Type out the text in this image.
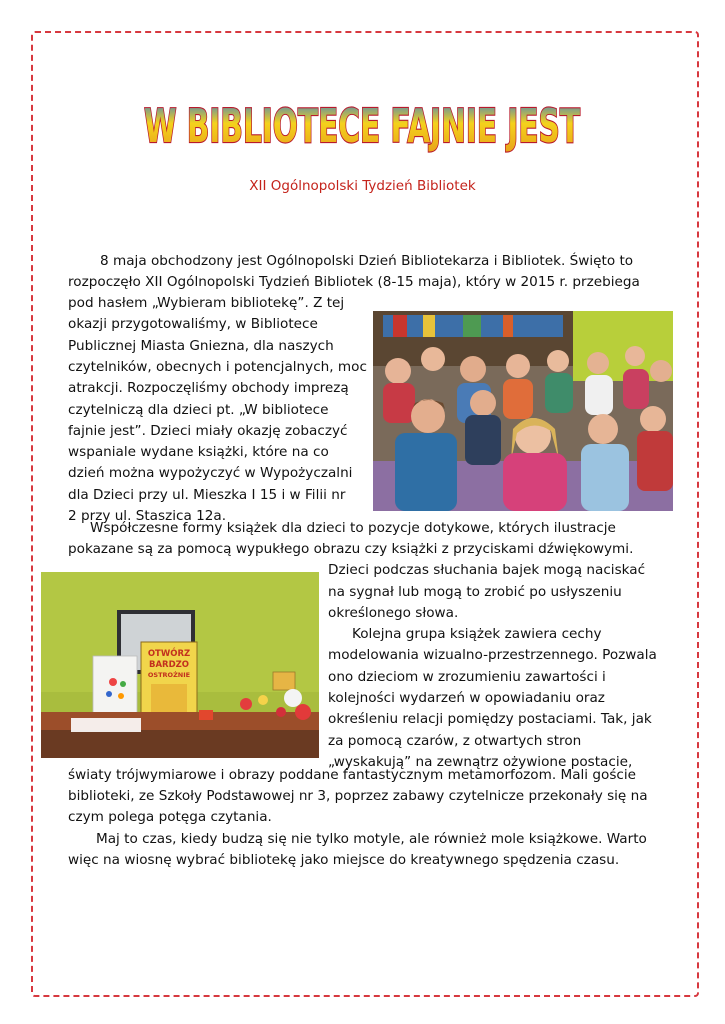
W BIBLIOTECE FAJNIE JEST
XII Ogólnopolski Tydzień Bibliotek
8 maja obchodzony jest Ogólnopolski Dzień Bibliotekarza i Bibliotek. Święto to
rozpoczęło XII Ogólnopolski Tydzień Bibliotek (8-15 maja), który w 2015 r. przebiega
pod hasłem „Wybieram bibliotekę”. Z tej
okazji przygotowaliśmy, w Bibliotece
Publicznej Miasta Gniezna, dla naszych
czytelników, obecnych i potencjalnych, moc
atrakcji. Rozpoczęliśmy obchody imprezą
czytelniczą dla dzieci pt. „W bibliotece
fajnie jest”. Dzieci miały okazję zobaczyć
wspaniale wydane książki, które na co
dzień można wypożyczyć w Wypożyczalni
dla Dzieci przy ul. Mieszka I 15 i w Filii nr
2 przy ul. Staszica 12a.
Współczesne formy książek dla dzieci to pozycje dotykowe, których ilustracje
pokazane są za pomocą wypukłego obrazu czy książki z przyciskami dźwiękowymi.
Dzieci podczas słuchania bajek mogą naciskać
na sygnał lub mogą to zrobić po usłyszeniu
określonego słowa.
Kolejna grupa książek zawiera cechy
modelowania wizualno-przestrzennego. Pozwala
ono dzieciom w zrozumieniu zawartości i
kolejności wydarzeń w opowiadaniu oraz
określeniu relacji pomiędzy postaciami. Tak, jak
za pomocą czarów, z otwartych stron
„wyskakują” na zewnątrz ożywione postacie,
światy trójwymiarowe i obrazy poddane fantastycznym metamorfozom. Mali goście
biblioteki, ze Szkoły Podstawowej nr 3, poprzez zabawy czytelnicze przekonały się na
czym polega potęga czytania.
Maj to czas, kiedy budzą się nie tylko motyle, ale również mole książkowe. Warto
więc na wiosnę wybrać bibliotekę jako miejsce do kreatywnego spędzenia czasu.
OTWÓRZ
BARDZO
OSTROŻNIE
